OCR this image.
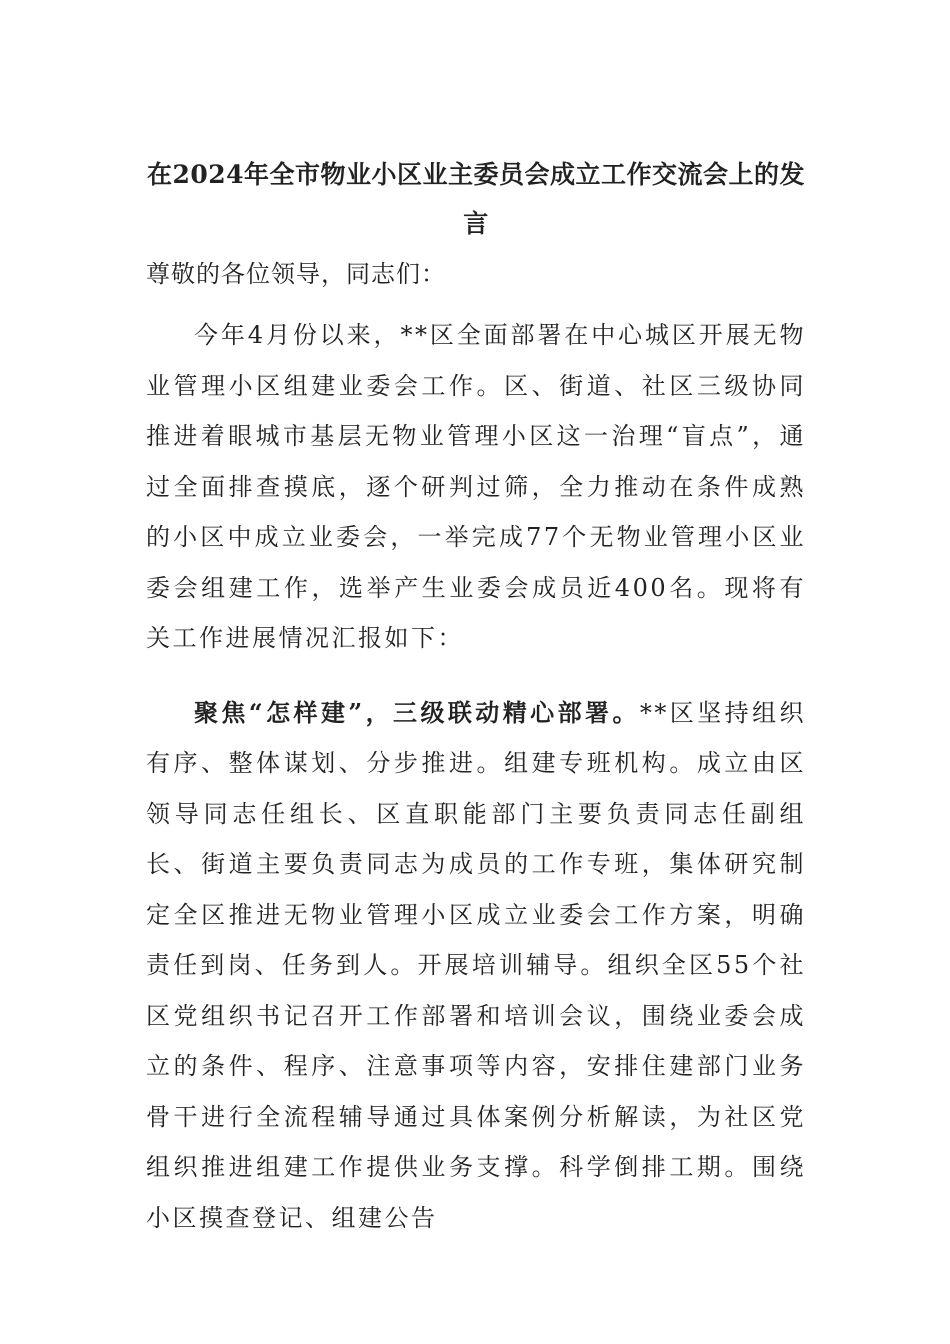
在2024年全市物业小区业主委员会成立工作交流会上的发言
尊敬的各位领导，同志们：

今年4月份以来，**区全面部署在中心城区开展无物业管理小区组建业委会工作。区、街道、社区三级协同推进着眼城市基层无物业管理小区这一治理“盲点”，通过全面排查摸底，逐个研判过筛，全力推动在条件成熟的小区中成立业委会，一举完成77个无物业管理小区业委会组建工作，选举产生业委会成员近400名。现将有关工作进展情况汇报如下：

聚焦“怎样建”，三级联动精心部署。**区坚持组织有序、整体谋划、分步推进。组建专班机构。成立由区领导同志任组长、区直职能部门主要负责同志任副组长、街道主要负责同志为成员的工作专班，集体研究制定全区推进无物业管理小区成立业委会工作方案，明确责任到岗、任务到人。开展培训辅导。组织全区55个社区党组织书记召开工作部署和培训会议，围绕业委会成立的条件、程序、注意事项等内容，安排住建部门业务骨干进行全流程辅导通过具体案例分析解读，为社区党组织推进组建工作提供业务支撑。科学倒排工期。围绕小区摸查登记、组建公告
